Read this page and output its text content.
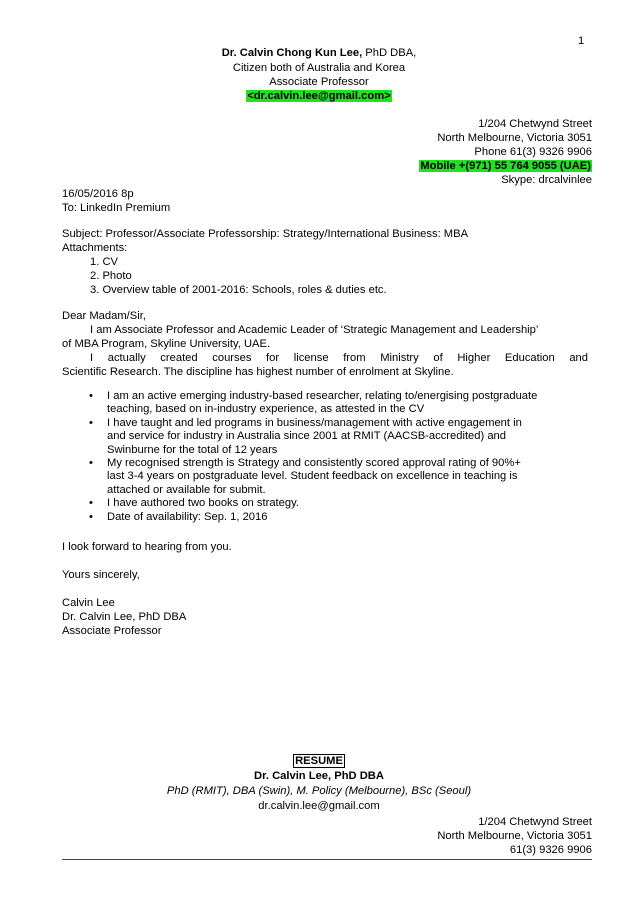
1
Dr. Calvin Chong Kun Lee, PhD DBA,
Citizen both of Australia and Korea
Associate Professor
<dr.calvin.lee@gmail.com>
1/204 Chetwynd Street
North Melbourne, Victoria 3051
Phone 61(3) 9326 9906
Mobile +(971) 55 764 9055 (UAE)
Skype: drcalvinlee
16/05/2016 8p
To: LinkedIn Premium
Subject: Professor/Associate Professorship: Strategy/International Business: MBA
Attachments:
1. CV
2. Photo
3. Overview table of 2001-2016: Schools, roles & duties etc.
Dear Madam/Sir,
I am Associate Professor and Academic Leader of ‘Strategic Management and Leadership’
of MBA Program, Skyline University, UAE.
I actually created courses for license from Ministry of Higher Education and
Scientific Research. The discipline has highest number of enrolment at Skyline.
• I am an active emerging industry-based researcher, relating to/energising postgraduate
teaching, based on in-industry experience, as attested in the CV
• I have taught and led programs in business/management with active engagement in
and service for industry in Australia since 2001 at RMIT (AACSB-accredited) and
Swinburne for the total of 12 years
• My recognised strength is Strategy and consistently scored approval rating of 90%+
last 3-4 years on postgraduate level. Student feedback on excellence in teaching is
attached or available for submit.
• I have authored two books on strategy.
• Date of availability: Sep. 1, 2016
I look forward to hearing from you.
Yours sincerely,
Calvin Lee
Dr. Calvin Lee, PhD DBA
Associate Professor
RESUME
Dr. Calvin Lee, PhD DBA
PhD (RMIT), DBA (Swin), M. Policy (Melbourne), BSc (Seoul)
dr.calvin.lee@gmail.com
1/204 Chetwynd Street
North Melbourne, Victoria 3051
61(3) 9326 9906
